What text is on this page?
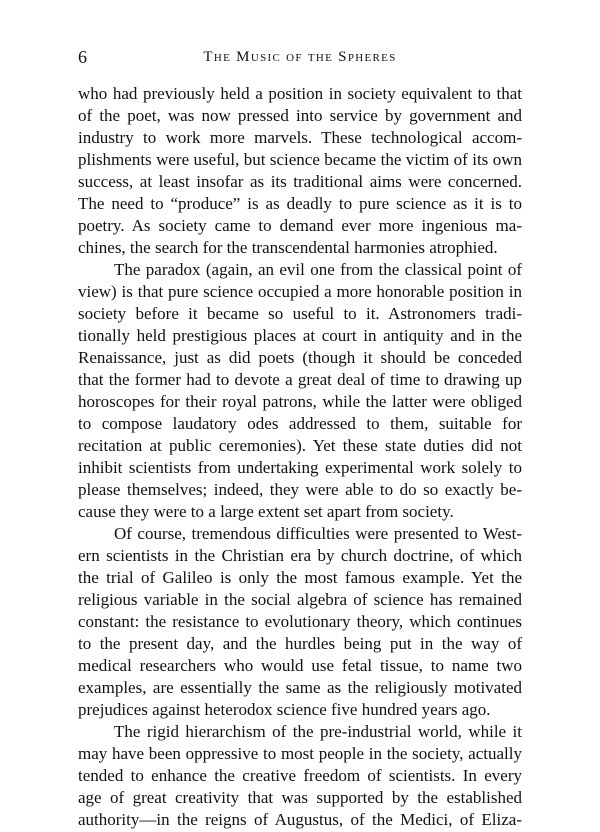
6	The Music of the Spheres
who had previously held a position in society equivalent to that
of the poet, was now pressed into service by government and
industry to work more marvels. These technological accom-
plishments were useful, but science became the victim of its own
success, at least insofar as its traditional aims were concerned.
The need to “produce” is as deadly to pure science as it is to
poetry. As society came to demand ever more ingenious ma-
chines, the search for the transcendental harmonies atrophied.
The paradox (again, an evil one from the classical point of
view) is that pure science occupied a more honorable position in
society before it became so useful to it. Astronomers tradi-
tionally held prestigious places at court in antiquity and in the
Renaissance, just as did poets (though it should be conceded
that the former had to devote a great deal of time to drawing up
horoscopes for their royal patrons, while the latter were obliged
to compose laudatory odes addressed to them, suitable for
recitation at public ceremonies). Yet these state duties did not
inhibit scientists from undertaking experimental work solely to
please themselves; indeed, they were able to do so exactly be-
cause they were to a large extent set apart from society.
Of course, tremendous difficulties were presented to West-
ern scientists in the Christian era by church doctrine, of which
the trial of Galileo is only the most famous example. Yet the
religious variable in the social algebra of science has remained
constant: the resistance to evolutionary theory, which continues
to the present day, and the hurdles being put in the way of
medical researchers who would use fetal tissue, to name two
examples, are essentially the same as the religiously motivated
prejudices against heterodox science five hundred years ago.
The rigid hierarchism of the pre-industrial world, while it
may have been oppressive to most people in the society, actually
tended to enhance the creative freedom of scientists. In every
age of great creativity that was supported by the established
authority—in the reigns of Augustus, of the Medici, of Eliza-
